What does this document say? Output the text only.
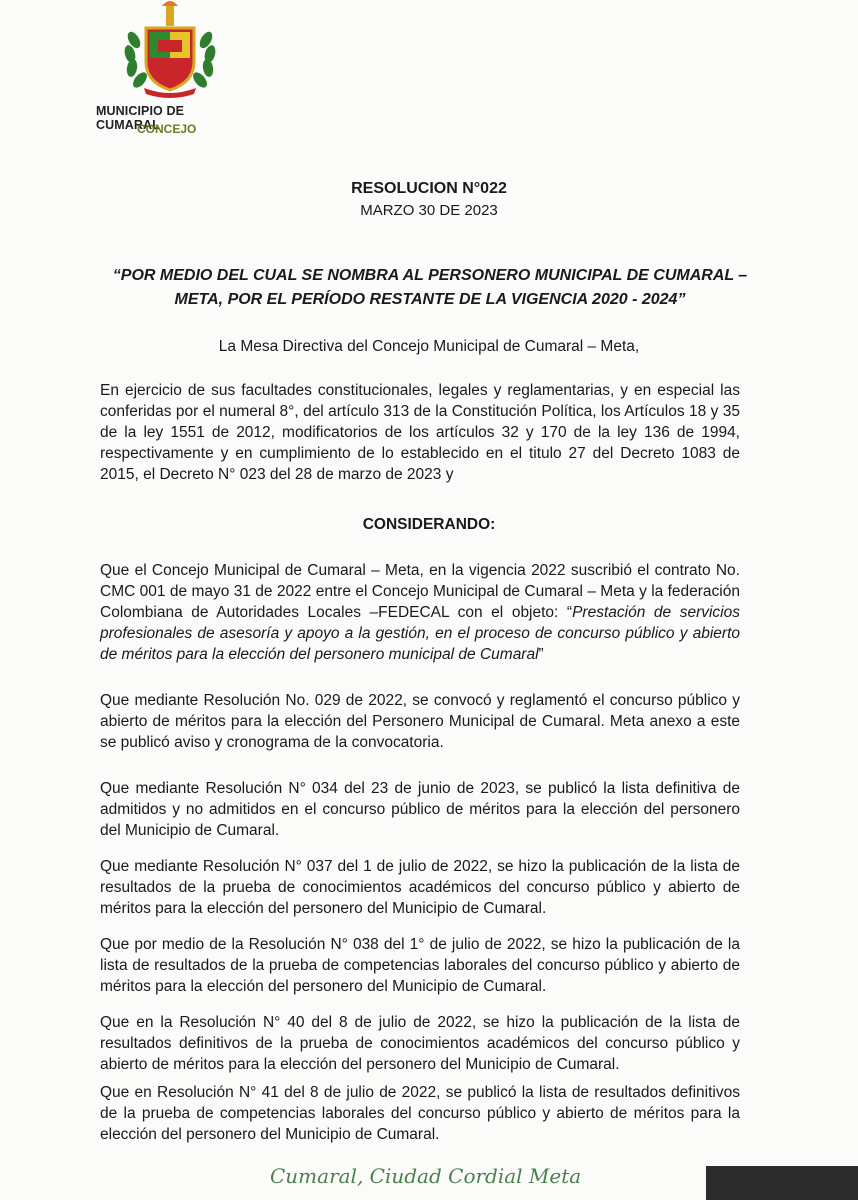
MUNICIPIO DE CUMARAL
CONCEJO
RESOLUCION N°022
MARZO 30 DE 2023
“POR MEDIO DEL CUAL SE NOMBRA AL PERSONERO MUNICIPAL DE CUMARAL – META, POR EL PERÍODO RESTANTE DE LA VIGENCIA 2020 - 2024”
La Mesa Directiva del Concejo Municipal de Cumaral – Meta,
En ejercicio de sus facultades constitucionales, legales y reglamentarias, y en especial las conferidas por el numeral 8°, del artículo 313 de la Constitución Política, los Artículos 18 y 35 de la ley 1551 de 2012, modificatorios de los artículos 32 y 170 de la ley 136 de 1994, respectivamente y en cumplimiento de lo establecido en el titulo 27 del Decreto 1083 de 2015, el Decreto N° 023 del 28 de marzo de 2023 y
CONSIDERANDO:
Que el Concejo Municipal de Cumaral – Meta, en la vigencia 2022 suscribió el contrato No. CMC 001 de mayo 31 de 2022 entre el Concejo Municipal de Cumaral – Meta y la federación Colombiana de Autoridades Locales –FEDECAL con el objeto: “Prestación de servicios profesionales de asesoría y apoyo a la gestión, en el proceso de concurso público y abierto de méritos para la elección del personero municipal de Cumaral”
Que mediante Resolución No. 029 de 2022, se convocó y reglamentó el concurso público y abierto de méritos para la elección del Personero Municipal de Cumaral. Meta anexo a este se publicó aviso y cronograma de la convocatoria.
Que mediante Resolución N° 034 del 23 de junio de 2023, se publicó la lista definitiva de admitidos y no admitidos en el concurso público de méritos para la elección del personero del Municipio de Cumaral.
Que mediante Resolución N° 037 del 1 de julio de 2022, se hizo la publicación de la lista de resultados de la prueba de conocimientos académicos del concurso público y abierto de méritos para la elección del personero del Municipio de Cumaral.
Que por medio de la Resolución N° 038 del 1° de julio de 2022, se hizo la publicación de la lista de resultados de la prueba de competencias laborales del concurso público y abierto de méritos para la elección del personero del Municipio de Cumaral.
Que en la Resolución N° 40 del 8 de julio de 2022, se hizo la publicación de la lista de resultados definitivos de la prueba de conocimientos académicos del concurso público y abierto de méritos para la elección del personero del Municipio de Cumaral.
Que en Resolución N° 41 del 8 de julio de 2022, se publicó la lista de resultados definitivos de la prueba de competencias laborales del concurso público y abierto de méritos para la elección del personero del Municipio de Cumaral.
Cumaral, Ciudad Cordial Meta
